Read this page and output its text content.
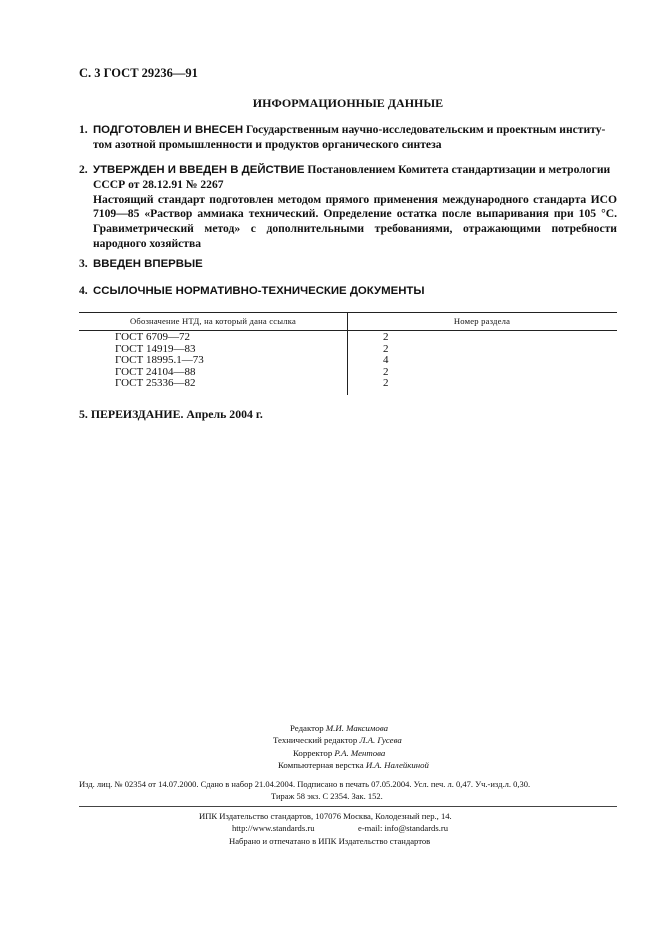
С. 3 ГОСТ 29236—91
ИНФОРМАЦИОННЫЕ ДАННЫЕ
1. ПОДГОТОВЛЕН И ВНЕСЕН Государственным научно-исследовательским и проектным институ-
том азотной промышленности и продуктов органического синтеза
2. УТВЕРЖДЕН И ВВЕДЕН В ДЕЙСТВИЕ Постановлением Комитета стандартизации и метрологии
СССР от 28.12.91 № 2267
Настоящий стандарт подготовлен методом прямого применения международного стандарта ИСО 7109—85 «Раствор аммиака технический. Определение остатка после выпаривания при 105 °С. Гравиметрический метод» с дополнительными требованиями, отражающими потребности народного хозяйства
3. ВВЕДЕН ВПЕРВЫЕ
4. ССЫЛОЧНЫЕ НОРМАТИВНО-ТЕХНИЧЕСКИЕ ДОКУМЕНТЫ
Обозначение НТД, на который дана ссылка	Номер раздела
ГОСТ 6709—72	2
ГОСТ 14919—83	2
ГОСТ 18995.1—73	4
ГОСТ 24104—88	2
ГОСТ 25336—82	2
5. ПЕРЕИЗДАНИЕ. Апрель 2004 г.
Редактор М.И. Максимова
Технический редактор Л.А. Гусева
Корректор Р.А. Ментова
Компьютерная верстка И.А. Налейкиной
Изд. лиц. № 02354 от 14.07.2000. Сдано в набор 21.04.2004. Подписано в печать 07.05.2004. Усл. печ. л. 0,47. Уч.-изд.л. 0,30.
Тираж 58 экз. С 2354. Зак. 152.
ИПК Издательство стандартов, 107076 Москва, Колодезный пер., 14.
http://www.standards.ru	e-mail: info@standards.ru
Набрано и отпечатано в ИПК Издательство стандартов
